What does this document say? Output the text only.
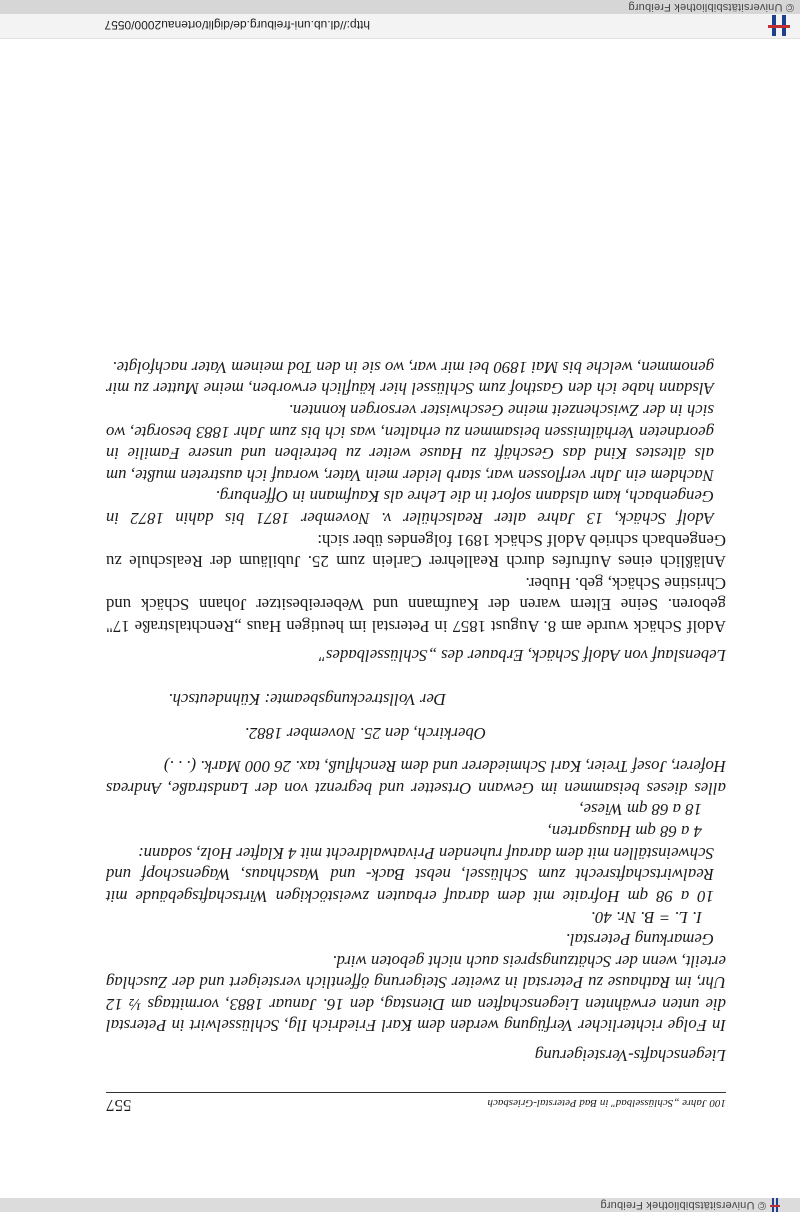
© Universitätsbibliothek Freiburg
100 Jahre „Schlüsselbad" in Bad Peterstal-Griesbach
557

Liegenschafts-Versteigerung

In Folge richterlicher Verfügung werden dem Karl Friedrich Ilg, Schlüsselwirt in Peterstal die unten erwähnten Liegenschaften am Dienstag, den 16. Januar 1883, vormittags ½ 12 Uhr, im Rathause zu Peterstal in zweiter Steigerung öffentlich versteigert und der Zuschlag erteilt, wenn der Schätzungspreis auch nicht geboten wird.

Gemarkung Peterstal.

I. L. = B. Nr. 40.

10 a 98 qm Hofraite mit dem darauf erbauten zweistöckigen Wirtschaftsgebäude mit Realwirtschaftsrecht zum Schlüssel, nebst Back- und Waschhaus, Wagenschopf und Schweinställen mit dem darauf ruhenden Privatwaldrecht mit 4 Klafter Holz, sodann:

4 a 68 qm Hausgarten,

18 a 68 qm Wiese,

alles dieses beisammen im Gewann Ortsetter und begrenzt von der Landstraße, Andreas Hoferer, Josef Treier, Karl Schmiederer und dem Renchfluß, tax. 26 000 Mark. (. . .)

Oberkirch, den 25. November 1882.

Der Vollstreckungsbeamte: Kühndeutsch.

Lebenslauf von Adolf Schäck, Erbauer des „Schlüsselbades"

Adolf Schäck wurde am 8. August 1857 in Peterstal im heutigen Haus „Renchtalstraße 17" geboren. Seine Eltern waren der Kaufmann und Webereibesitzer Johann Schäck und Christine Schäck, geb. Huber.

Anläßlich eines Aufrufes durch Reallehrer Carlein zum 25. Jubiläum der Realschule zu Gengenbach schrieb Adolf Schäck 1891 folgendes über sich:

Adolf Schäck, 13 Jahre alter Realschüler v. November 1871 bis dahin 1872 in Gengenbach, kam alsdann sofort in die Lehre als Kaufmann in Offenburg.

Nachdem ein Jahr verflossen war, starb leider mein Vater, worauf ich austreten mußte, um als ältestes Kind das Geschäft zu Hause weiter zu betreiben und unsere Familie in geordneten Verhältnissen beisammen zu erhalten, was ich bis zum Jahr 1883 besorgte, wo sich in der Zwischenzeit meine Geschwister versorgen konnten.

Alsdann habe ich den Gasthof zum Schlüssel hier käuflich erworben, meine Mutter zu mir genommen, welche bis Mai 1890 bei mir war, wo sie in den Tod meinem Vater nachfolgte.

http://dl.ub.uni-freiburg.de/diglit/ortenau2000/0557
© Universitätsbibliothek Freiburg
